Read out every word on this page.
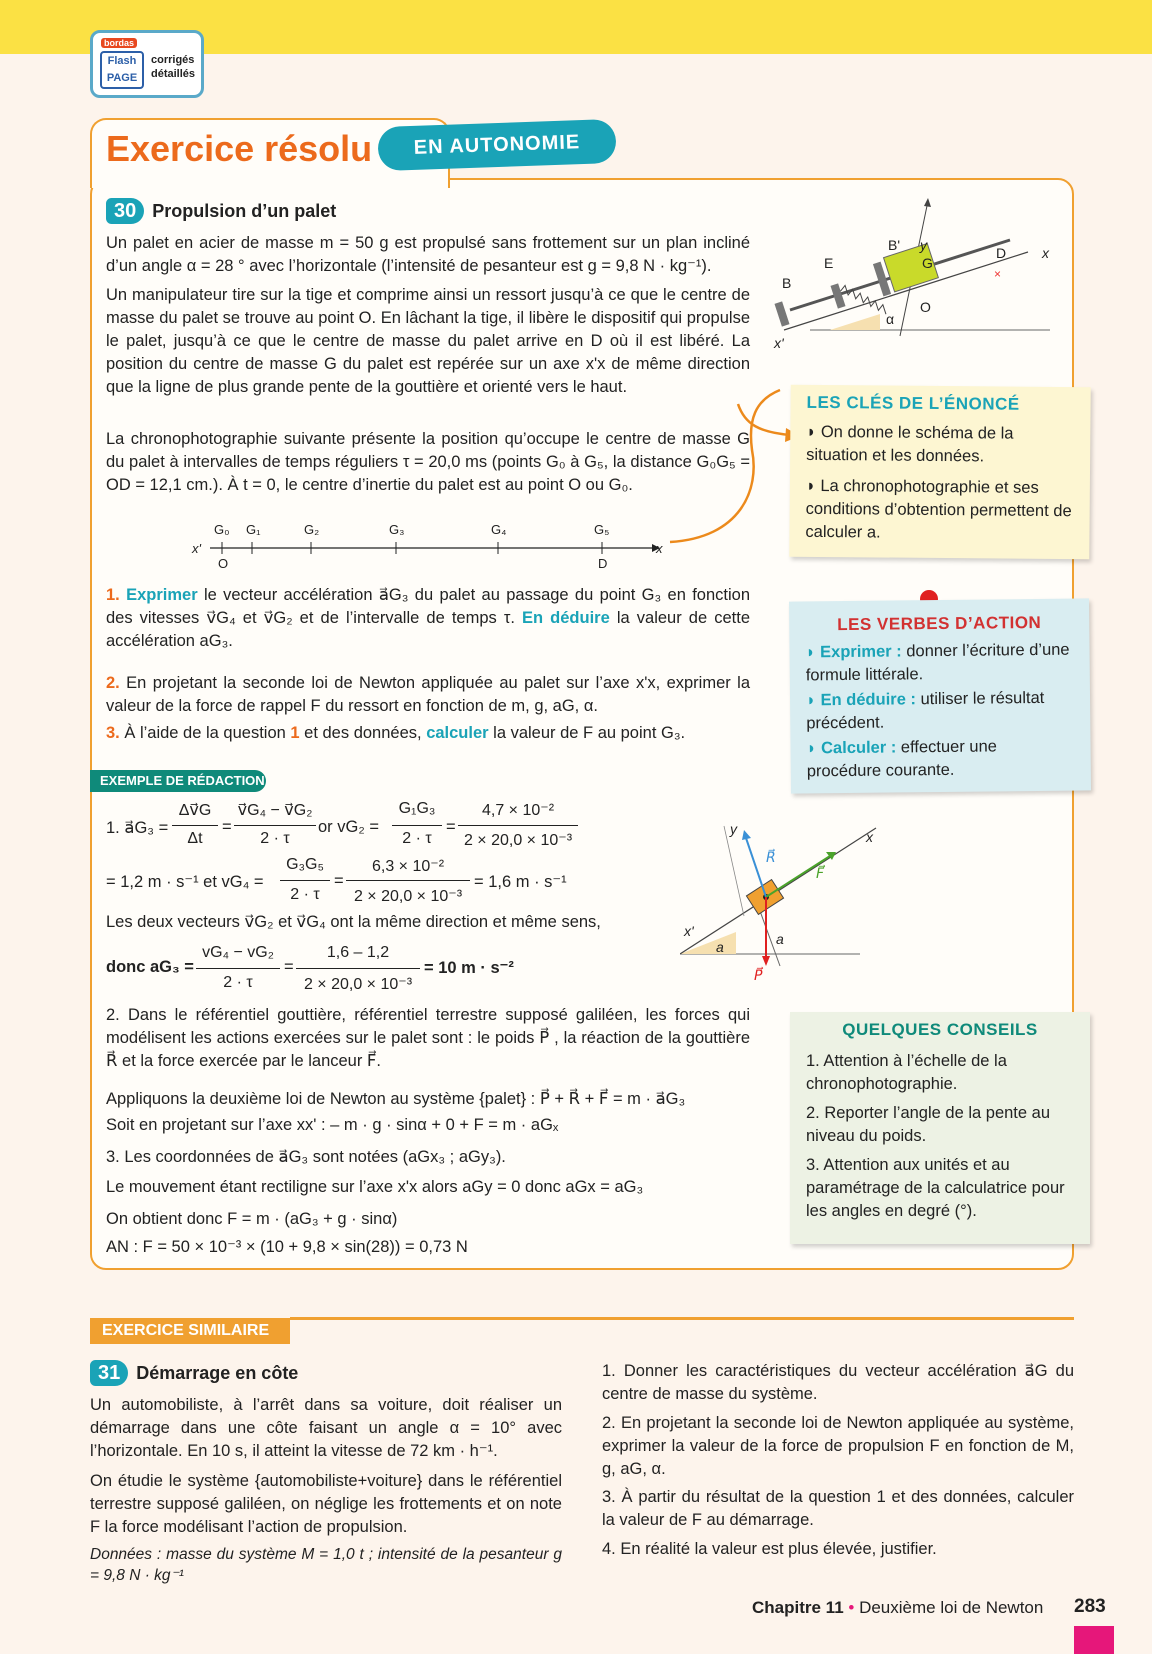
bordas
Flash
PAGE
corrigés
détaillés
Exercice résolu	EN AUTONOMIE
30 Propulsion d’un palet
Un palet en acier de masse m = 50 g est propulsé sans frottement sur un plan incliné d’un angle α = 28 ° avec l’horizontale (l’intensité de pesanteur est g = 9,8 N · kg⁻¹).
Un manipulateur tire sur la tige et comprime ainsi un ressort jusqu’à ce que le centre de masse du palet se trouve au point O. En lâchant la tige, il libère le dispositif qui propulse le palet, jusqu’à ce que le centre de masse du palet arrive en D où il est libéré. La position du centre de masse G du palet est repérée sur un axe x'x de même direction que la ligne de plus grande pente de la gouttière et orienté vers le haut.
La chronophotographie suivante présente la position qu’occupe le centre de masse G du palet à intervalles de temps réguliers τ = 20,0 ms (points G₀ à G₅, la distance G₀G₅ = OD = 12,1 cm.). À t = 0, le centre d’inertie du palet est au point O ou G₀.
G₀ G₁	G₂	G₃	G₄	G₅
x'
O	D
x
y
B'
G
D	x
E
B
O
α
x'
×
LES CLÉS DE L’ÉNONCÉ

◗ On donne le schéma de la situation et les données.

◗ La chronophotographie et ses conditions d’obtention permettent de calculer a.

1. Exprimer le vecteur accélération a⃗G₃ du palet au passage du point G₃ en fonction des vitesses v⃗G₄ et v⃗G₂ et de l’intervalle de temps τ. En déduire la valeur de cette accélération aG₃.
2. En projetant la seconde loi de Newton appliquée au palet sur l’axe x'x, exprimer la valeur de la force de rappel F du ressort en fonction de m, g, aG, α.
3. À l’aide de la question 1 et des données, calculer la valeur de F au point G₃.
LES VERBES D’ACTION

◗ Exprimer : donner l’écriture d’une formule littérale.

◗ En déduire : utiliser le résultat précédent.

◗ Calculer : effectuer une procédure courante.

EXEMPLE DE RÉDACTION
1. a⃗G₃ =
Δv⃗G
Δt
=
v⃗G₄ − v⃗G₂
2 · τ
or vG₂ =
G₁G₃
2 · τ
=
4,7 × 10⁻²
2 × 20,0 × 10⁻³
= 1,2 m · s⁻¹ et vG₄ =
G₃G₅
2 · τ
=
6,3 × 10⁻²
2 × 20,0 × 10⁻³
= 1,6 m · s⁻¹
Les deux vecteurs v⃗G₂ et v⃗G₄ ont la même direction et même sens,
donc aG₃ =
vG₄ − vG₂
2 · τ
=
1,6 – 1,2
2 × 20,0 × 10⁻³
= 10 m · s⁻²
2. Dans le référentiel gouttière, référentiel terrestre supposé galiléen, les forces qui modélisent les actions exercées sur le palet sont : le poids P⃗ , la réaction de la gouttière R⃗ et la force exercée par le lanceur F⃗.
Appliquons la deuxième loi de Newton au système {palet} : P⃗ + R⃗ + F⃗ = m · a⃗G₃
Soit en projetant sur l’axe xx' : – m · g · sinα + 0 + F = m · aGₓ
3. Les coordonnées de a⃗G₃ sont notées (aGx₃ ; aGy₃).
Le mouvement étant rectiligne sur l’axe x'x alors aGy = 0 donc aGx = aG₃
On obtient donc F = m · (aG₃ + g · sinα)
AN : F = 50 × 10⁻³ × (10 + 9,8 × sin(28)) = 0,73 N
y	x
R⃗
F⃗
x'
a	a
P⃗
QUELQUES CONSEILS

1. Attention à l’échelle de la chronophotographie.

2. Reporter l’angle de la pente au niveau du poids.

3. Attention aux unités et au paramétrage de la calculatrice pour les angles en degré (°).

EXERCICE SIMILAIRE
31 Démarrage en côte
Un automobiliste, à l’arrêt dans sa voiture, doit réaliser un démarrage dans une côte faisant un angle α = 10° avec l’horizontale. En 10 s, il atteint la vitesse de 72 km · h⁻¹.
On étudie le système {automobiliste+voiture} dans le référentiel terrestre supposé galiléen, on néglige les frottements et on note F la force modélisant l’action de propulsion.
Données : masse du système M = 1,0 t ; intensité de la pesanteur g = 9,8 N · kg⁻¹
1. Donner les caractéristiques du vecteur accélération a⃗G du centre de masse du système.
2. En projetant la seconde loi de Newton appliquée au système, exprimer la valeur de la force de propulsion F en fonction de M, g, aG, α.
3. À partir du résultat de la question 1 et des données, calculer la valeur de F au démarrage.
4. En réalité la valeur est plus élevée, justifier.
Chapitre 11 • Deuxième loi de Newton 283
